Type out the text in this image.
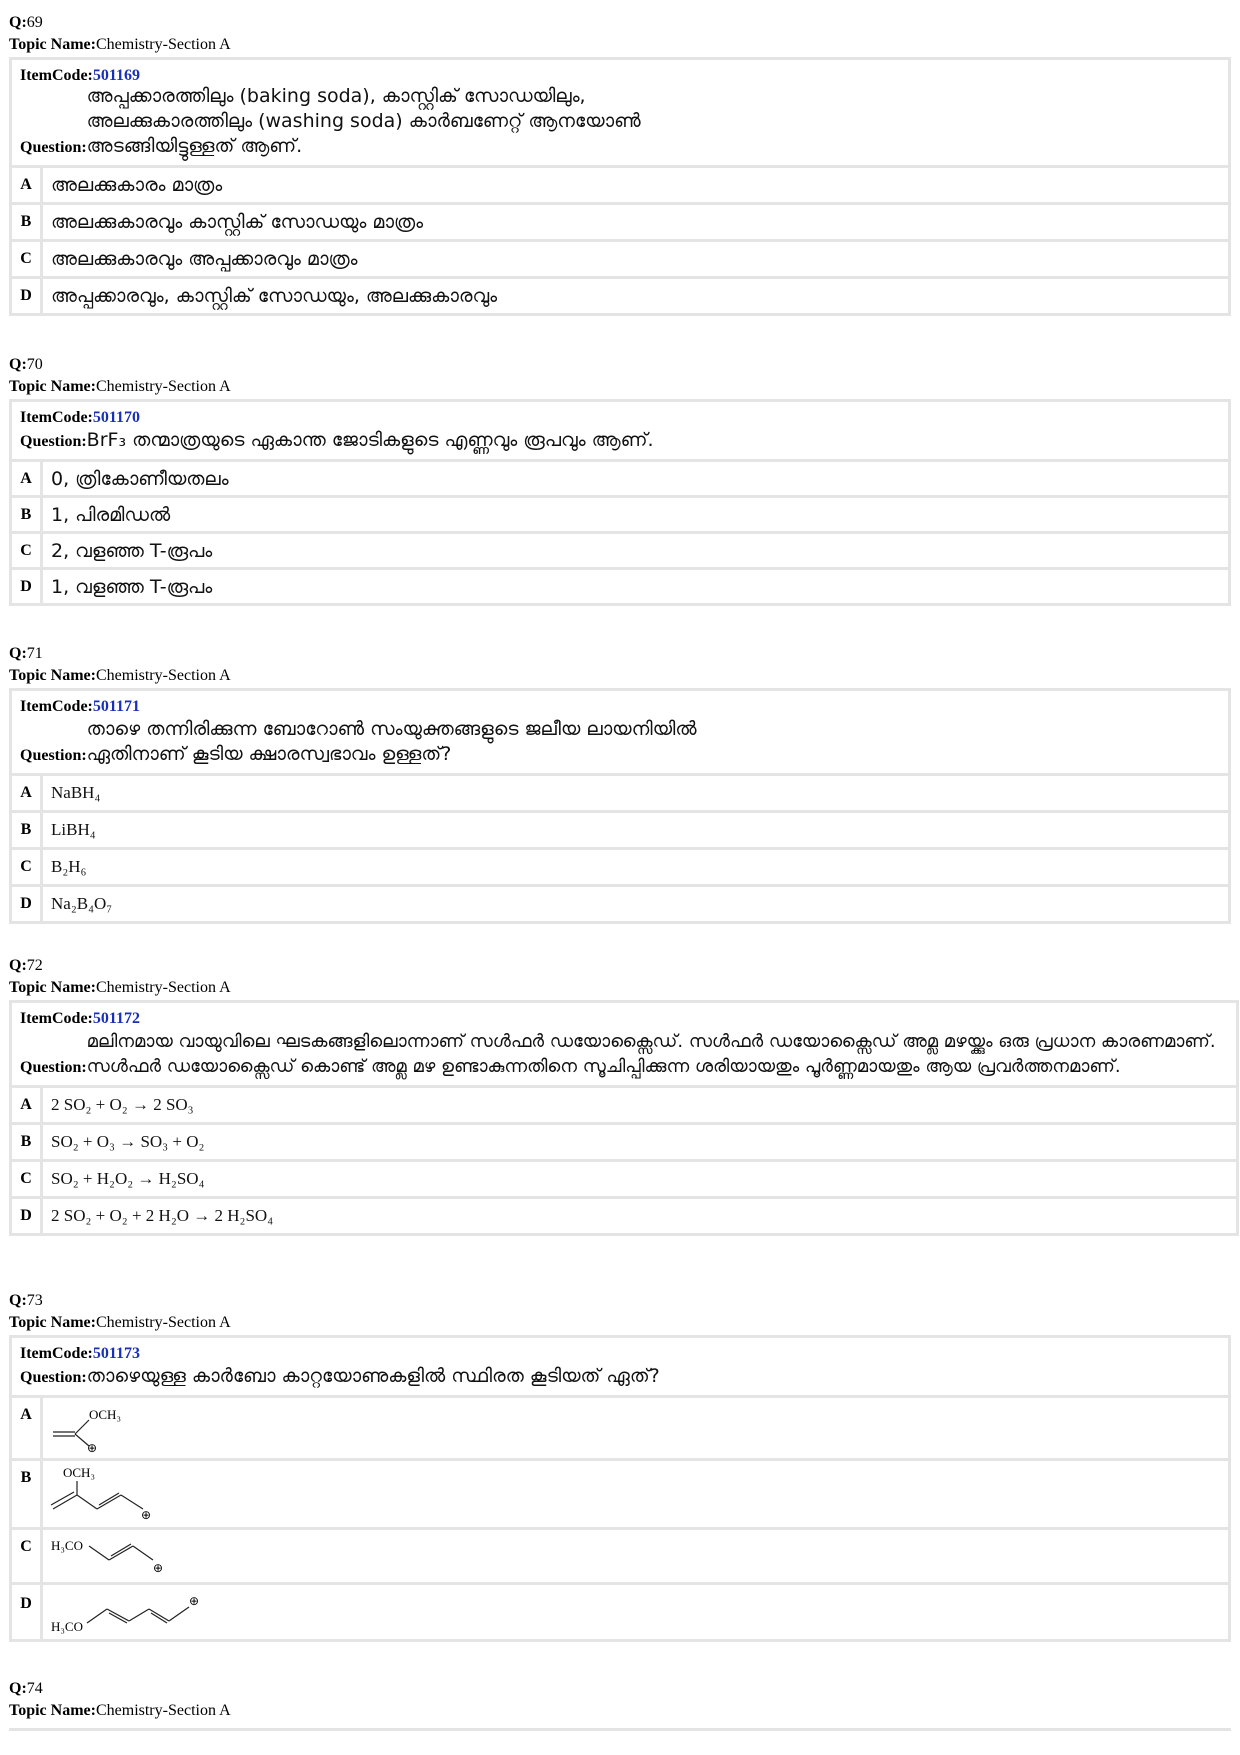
Q:69
Topic Name:Chemistry-Section A
ItemCode:501169
Question:
അപ്പക്കാരത്തിലും (baking soda), കാസ്റ്റിക് സോഡയിലും, അലക്കുകാരത്തിലും (washing soda) കാർബണേറ്റ് ആനയോൺ അടങ്ങിയിട്ടുള്ളത് ആണ്.
A	അലക്കുകാരം മാത്രം
B	അലക്കുകാരവും കാസ്റ്റിക് സോഡയും മാത്രം
C	അലക്കുകാരവും അപ്പക്കാരവും മാത്രം
D	അപ്പക്കാരവും, കാസ്റ്റിക് സോഡയും, അലക്കുകാരവും
Q:70
Topic Name:Chemistry-Section A
ItemCode:501170
Question: BrF₃ തന്മാത്രയുടെ ഏകാന്ത ജോടികളുടെ എണ്ണവും രൂപവും ആണ്.
A	0, ത്രികോണീയതലം
B	1, പിരമിഡൽ
C	2, വളഞ്ഞ T-രൂപം
D	1, വളഞ്ഞ T-രൂപം
Q:71
Topic Name:Chemistry-Section A
ItemCode:501171
Question:
താഴെ തന്നിരിക്കുന്ന ബോറോൺ സംയുക്തങ്ങളുടെ ജലീയ ലായനിയിൽ ഏതിനാണ് കൂടിയ ക്ഷാരസ്വഭാവം ഉള്ളത്?
A	NaBH₄
B	LiBH₄
C	B₂H₆
D	Na₂B₄O₇
Q:72
Topic Name:Chemistry-Section A
ItemCode:501172
Question:
മലിനമായ വായുവിലെ ഘടകങ്ങളിലൊന്നാണ് സൾഫർ ഡയോക്സൈഡ്. സൾഫർ ഡയോക്സൈഡ് അമ്ല മഴയ്ക്കും ഒരു പ്രധാന കാരണമാണ്. സൾഫർ ഡയോക്സൈഡ് കൊണ്ട് അമ്ല മഴ ഉണ്ടാകുന്നതിനെ സൂചിപ്പിക്കുന്ന ശരിയായതും പൂർണ്ണമായതും ആയ പ്രവർത്തനമാണ്.
A	2 SO₂ + O₂ → 2 SO₃
B	SO₂ + O₃ → SO₃ + O₂
C	SO₂ + H₂O₂ → H₂SO₄
D	2 SO₂ + O₂ + 2 H₂O → 2 H₂SO₄
Q:73
Topic Name:Chemistry-Section A
ItemCode:501173
Question: താഴെയുള്ള കാർബോ കാറ്റയോണുകളിൽ സ്ഥിരത കൂടിയത് ഏത്?
A	OCH₃
⊕
B	OCH₃
⊕
C	H₃CO
⊕
D
H₃CO
⊕
Q:74
Topic Name:Chemistry-Section A
